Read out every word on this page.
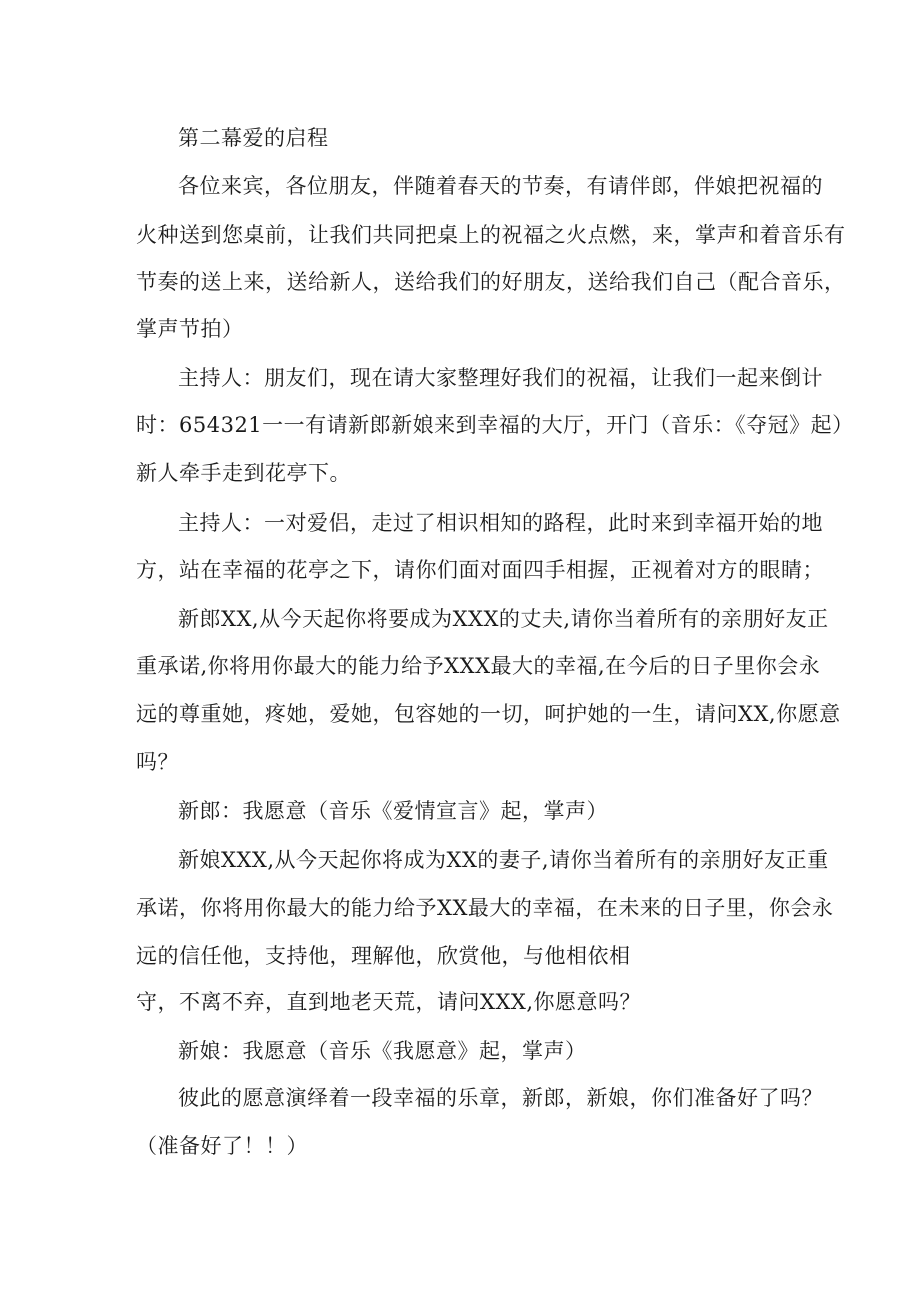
第二幕爱的启程
各位来宾，各位朋友，伴随着春天的节奏，有请伴郎，伴娘把祝福的
火种送到您桌前，让我们共同把桌上的祝福之火点燃，来，掌声和着音乐有
节奏的送上来，送给新人，送给我们的好朋友，送给我们自己（配合音乐，
掌声节拍）
主持人：朋友们，现在请大家整理好我们的祝福，让我们一起来倒计
时：654321一一有请新郎新娘来到幸福的大厅，开门（音乐：《夺冠》起）
新人牵手走到花亭下。
主持人：一对爱侣，走过了相识相知的路程，此时来到幸福开始的地
方，站在幸福的花亭之下，请你们面对面四手相握，正视着对方的眼睛；
新郎XX,从今天起你将要成为XXX的丈夫,请你当着所有的亲朋好友正
重承诺,你将用你最大的能力给予XXX最大的幸福,在今后的日子里你会永
远的尊重她，疼她，爱她，包容她的一切，呵护她的一生，请问XX,你愿意
吗？
新郎：我愿意（音乐《爱情宣言》起，掌声）
新娘XXX,从今天起你将成为XX的妻子,请你当着所有的亲朋好友正重
承诺，你将用你最大的能力给予XX最大的幸福，在未来的日子里，你会永
远的信任他，支持他，理解他，欣赏他，与他相依相
守，不离不弃，直到地老天荒，请问XXX,你愿意吗？
新娘：我愿意（音乐《我愿意》起，掌声）
彼此的愿意演绎着一段幸福的乐章，新郎，新娘，你们准备好了吗？
（准备好了！！）
